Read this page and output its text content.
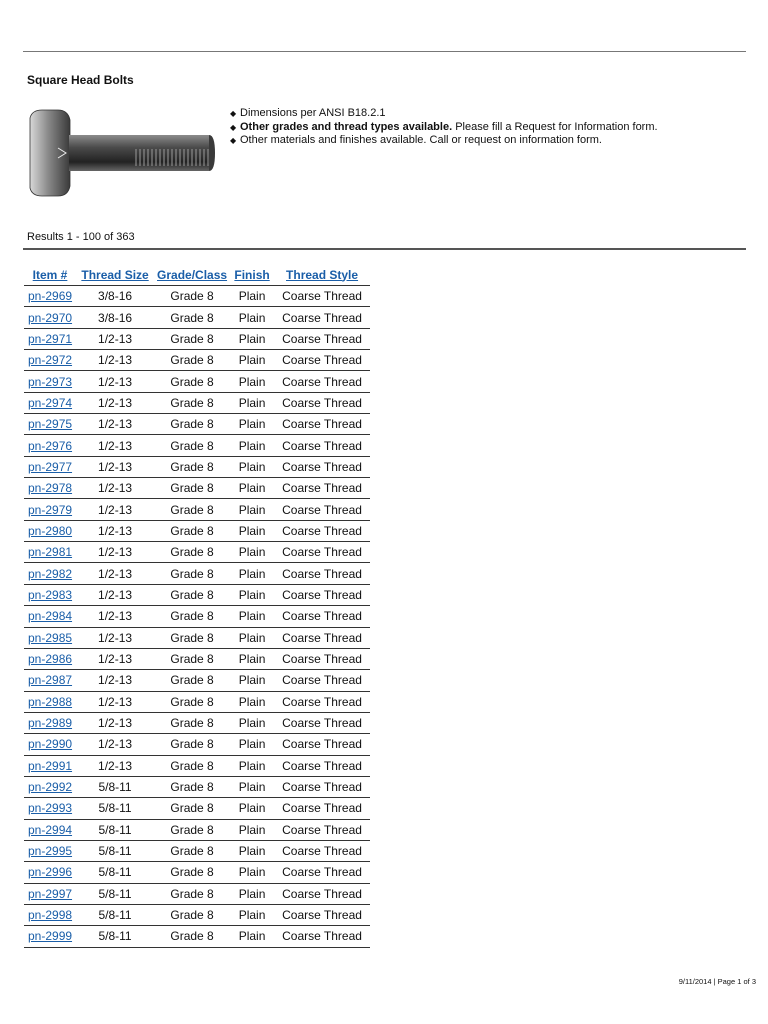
Square Head Bolts
◆ Dimensions per ANSI B18.2.1
◆ Other grades and thread types available. Please fill a Request for Information form.
◆ Other materials and finishes available. Call or request on information form.
Results 1 - 100 of 363
Item #	Thread Size	Grade/Class	Finish	Thread Style
pn-2969	3/8-16	Grade 8	Plain	Coarse Thread
pn-2970	3/8-16	Grade 8	Plain	Coarse Thread
pn-2971	1/2-13	Grade 8	Plain	Coarse Thread
pn-2972	1/2-13	Grade 8	Plain	Coarse Thread
pn-2973	1/2-13	Grade 8	Plain	Coarse Thread
pn-2974	1/2-13	Grade 8	Plain	Coarse Thread
pn-2975	1/2-13	Grade 8	Plain	Coarse Thread
pn-2976	1/2-13	Grade 8	Plain	Coarse Thread
pn-2977	1/2-13	Grade 8	Plain	Coarse Thread
pn-2978	1/2-13	Grade 8	Plain	Coarse Thread
pn-2979	1/2-13	Grade 8	Plain	Coarse Thread
pn-2980	1/2-13	Grade 8	Plain	Coarse Thread
pn-2981	1/2-13	Grade 8	Plain	Coarse Thread
pn-2982	1/2-13	Grade 8	Plain	Coarse Thread
pn-2983	1/2-13	Grade 8	Plain	Coarse Thread
pn-2984	1/2-13	Grade 8	Plain	Coarse Thread
pn-2985	1/2-13	Grade 8	Plain	Coarse Thread
pn-2986	1/2-13	Grade 8	Plain	Coarse Thread
pn-2987	1/2-13	Grade 8	Plain	Coarse Thread
pn-2988	1/2-13	Grade 8	Plain	Coarse Thread
pn-2989	1/2-13	Grade 8	Plain	Coarse Thread
pn-2990	1/2-13	Grade 8	Plain	Coarse Thread
pn-2991	1/2-13	Grade 8	Plain	Coarse Thread
pn-2992	5/8-11	Grade 8	Plain	Coarse Thread
pn-2993	5/8-11	Grade 8	Plain	Coarse Thread
pn-2994	5/8-11	Grade 8	Plain	Coarse Thread
pn-2995	5/8-11	Grade 8	Plain	Coarse Thread
pn-2996	5/8-11	Grade 8	Plain	Coarse Thread
pn-2997	5/8-11	Grade 8	Plain	Coarse Thread
pn-2998	5/8-11	Grade 8	Plain	Coarse Thread
pn-2999	5/8-11	Grade 8	Plain	Coarse Thread
9/11/2014 | Page 1 of 3
